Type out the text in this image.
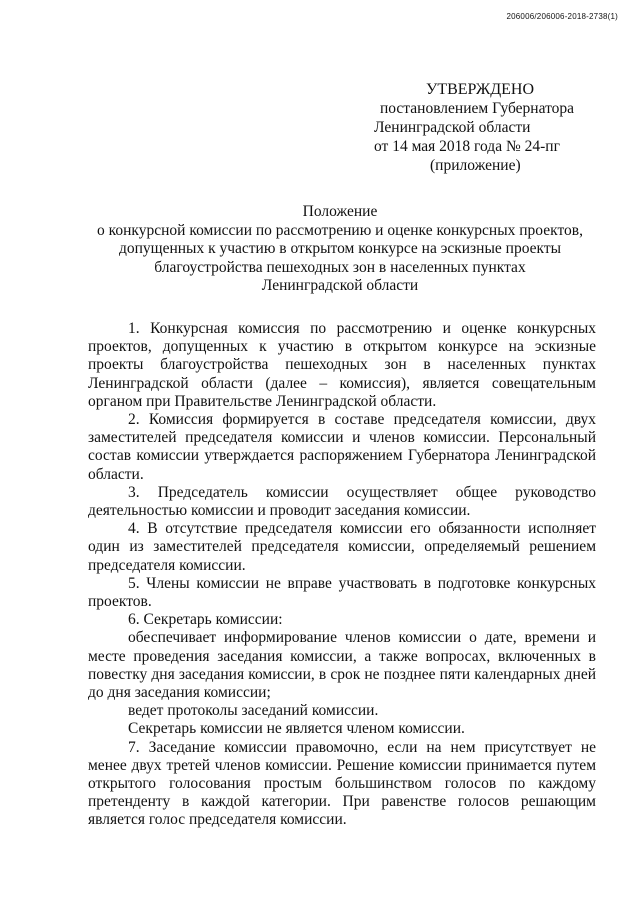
206006/206006-2018-2738(1)
УТВЕРЖДЕНО
постановлением Губернатора
Ленинградской области
от 14 мая 2018 года № 24-пг
(приложение)
Положение
о конкурсной комиссии по рассмотрению и оценке конкурсных проектов,
допущенных к участию в открытом конкурсе на эскизные проекты
благоустройства пешеходных зон в населенных пунктах
Ленинградской области

1. Конкурсная комиссия по рассмотрению и оценке конкурсных проектов, допущенных к участию в открытом конкурсе на эскизные проекты благоустройства пешеходных зон в населенных пунктах Ленинградской области (далее – комиссия), является совещательным органом при Правительстве Ленинградской области.

2. Комиссия формируется в составе председателя комиссии, двух заместителей председателя комиссии и членов комиссии. Персональный состав комиссии утверждается распоряжением Губернатора Ленинградской области.

3. Председатель комиссии осуществляет общее руководство деятельностью комиссии и проводит заседания комиссии.

4. В отсутствие председателя комиссии его обязанности исполняет один из заместителей председателя комиссии, определяемый решением председателя комиссии.

5. Члены комиссии не вправе участвовать в подготовке конкурсных проектов.

6. Секретарь комиссии:

обеспечивает информирование членов комиссии о дате, времени и месте проведения заседания комиссии, а также вопросах, включенных в повестку дня заседания комиссии, в срок не позднее пяти календарных дней до дня заседания комиссии;

ведет протоколы заседаний комиссии.

Секретарь комиссии не является членом комиссии.

7. Заседание комиссии правомочно, если на нем присутствует не менее двух третей членов комиссии. Решение комиссии принимается путем открытого голосования простым большинством голосов по каждому претенденту в каждой категории. При равенстве голосов решающим является голос председателя комиссии.
